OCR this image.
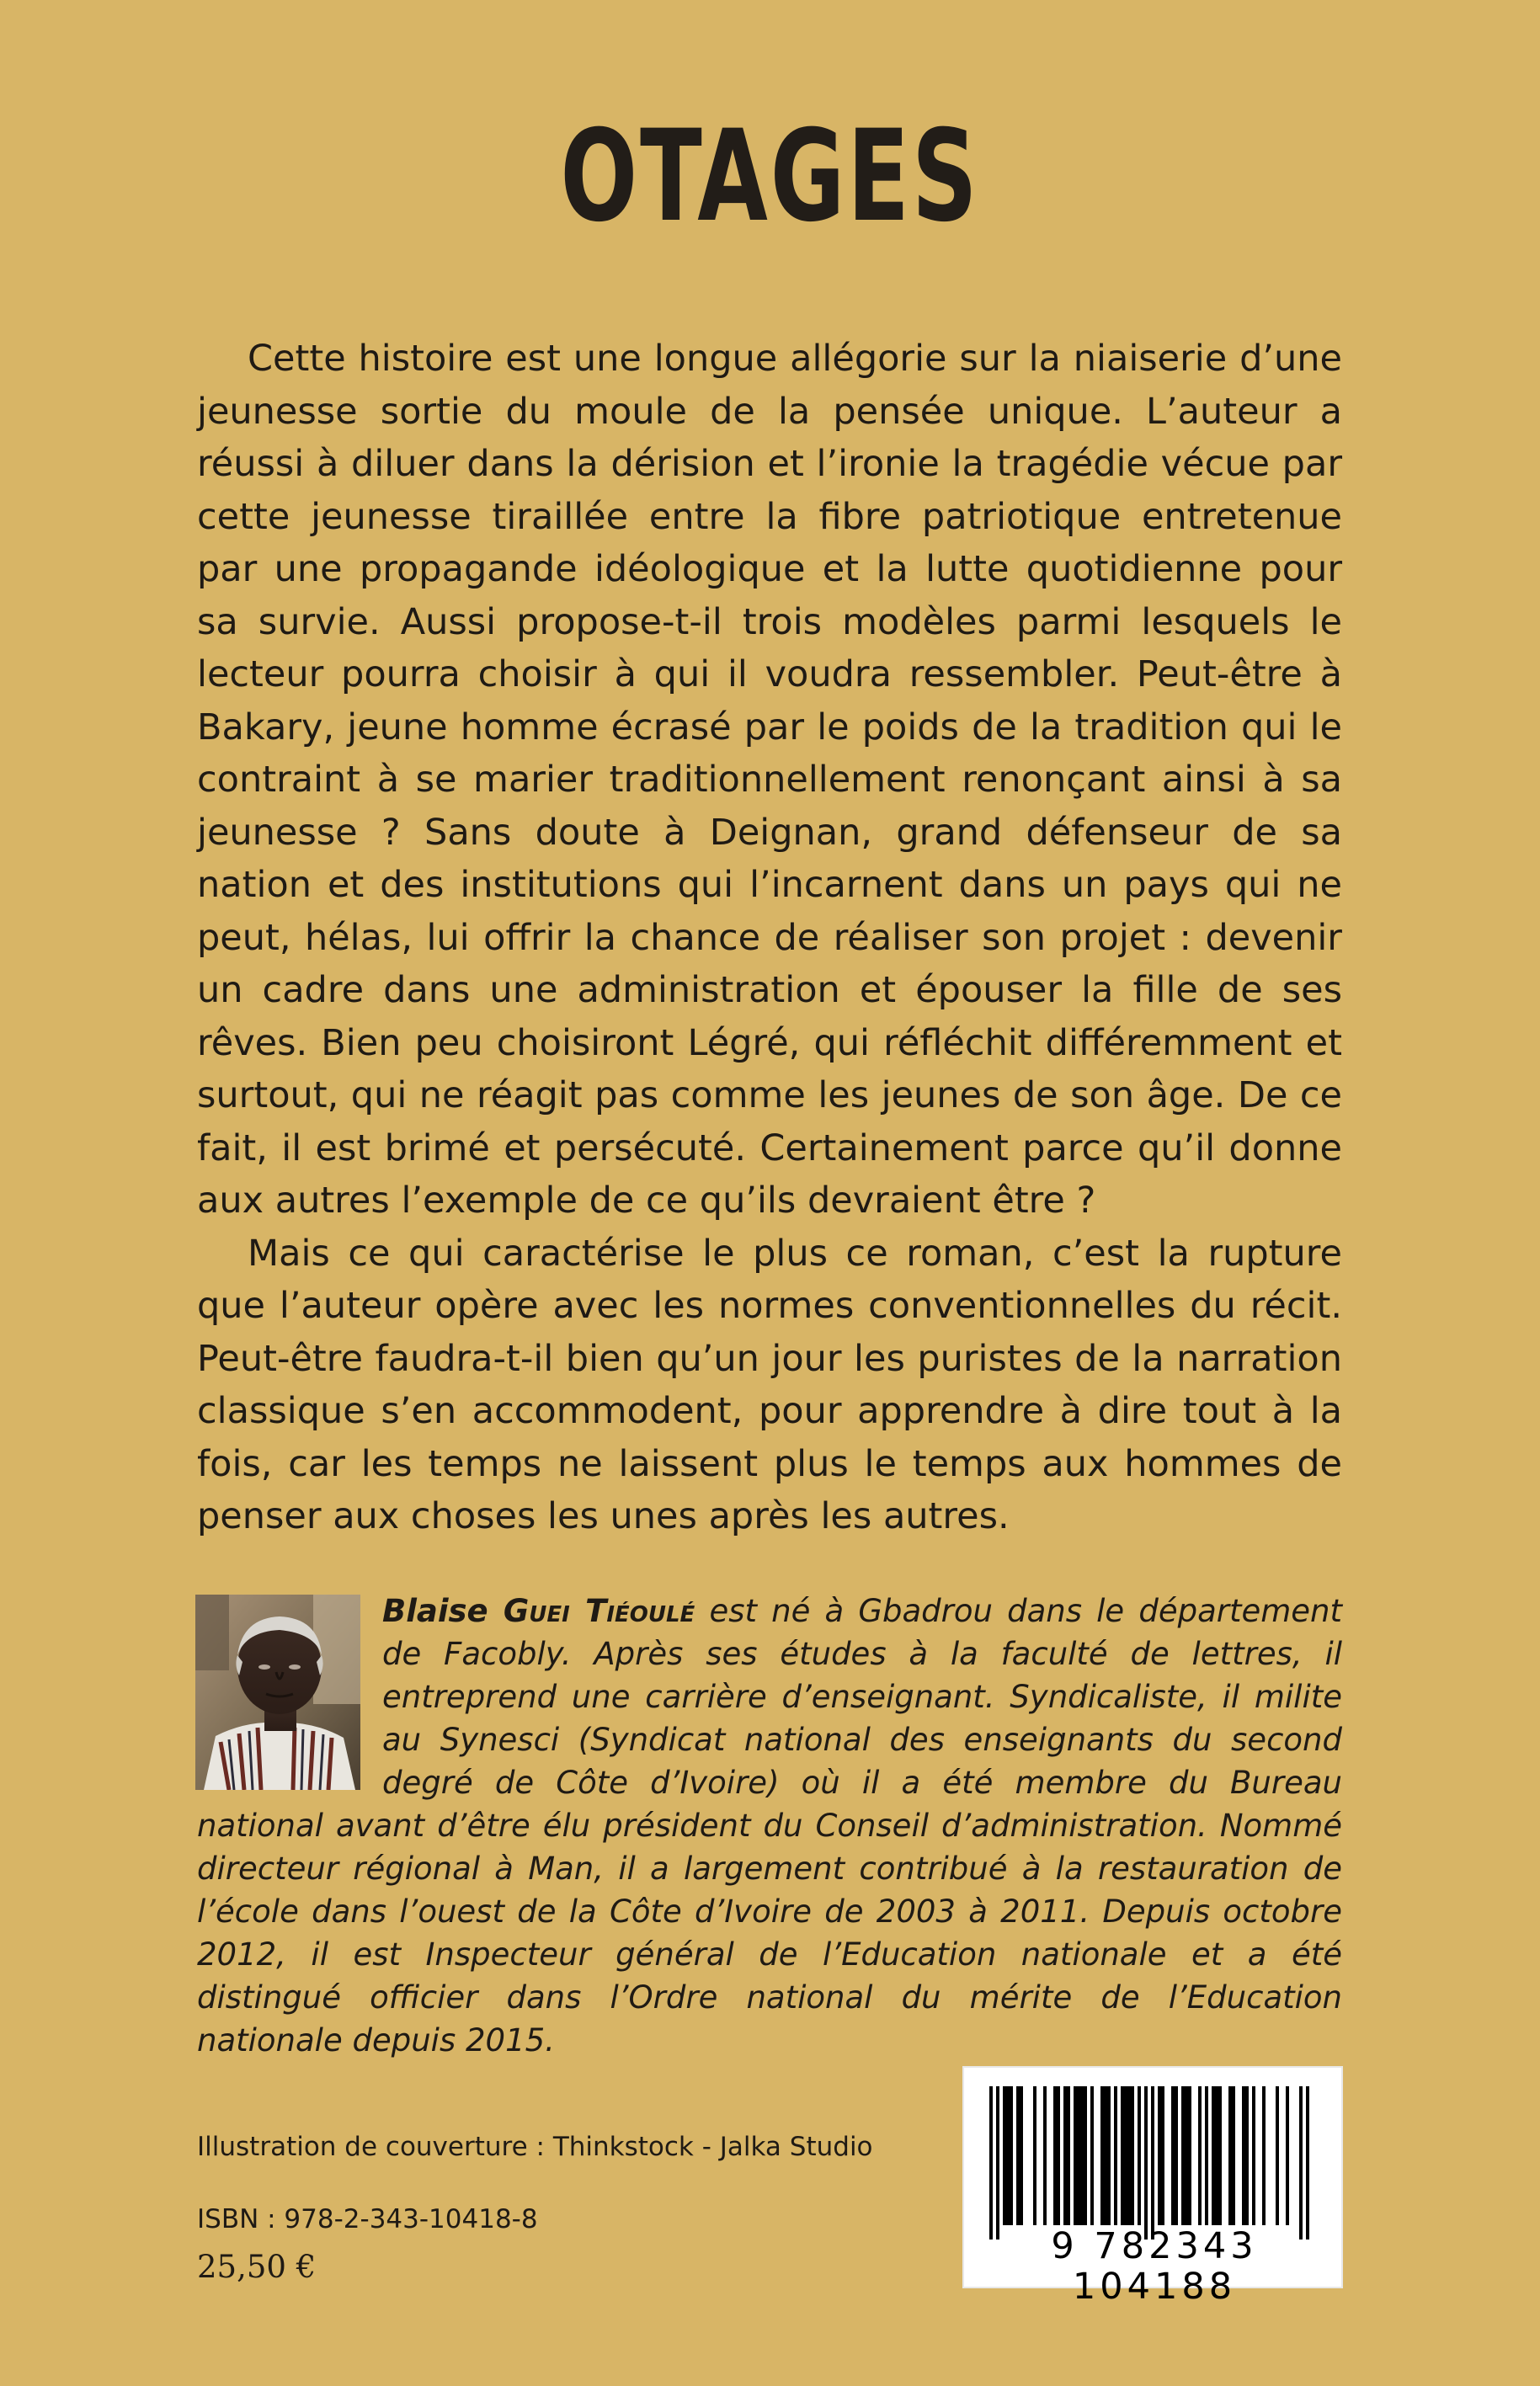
OTAGES

Cette histoire est une longue allégorie sur la niaiserie d’une jeunesse sortie du moule de la pensée unique. L’auteur a réussi à diluer dans la dérision et l’ironie la tragédie vécue par cette jeunesse tiraillée entre la fibre patriotique entretenue par une propagande idéologique et la lutte quotidienne pour sa survie. Aussi propose-t-il trois modèles parmi lesquels le lecteur pourra choisir à qui il voudra ressembler. Peut-être à Bakary, jeune homme écrasé par le poids de la tradition qui le contraint à se marier traditionnellement renonçant ainsi à sa jeunesse ? Sans doute à Deignan, grand défenseur de sa nation et des institutions qui l’incarnent dans un pays qui ne peut, hélas, lui offrir la chance de réaliser son projet : devenir un cadre dans une administration et épouser la fille de ses rêves. Bien peu choisiront Légré, qui réfléchit différemment et surtout, qui ne réagit pas comme les jeunes de son âge. De ce fait, il est brimé et persécuté. Certainement parce qu’il donne aux autres l’exemple de ce qu’ils devraient être ?

Mais ce qui caractérise le plus ce roman, c’est la rupture que l’auteur opère avec les normes conventionnelles du récit. Peut-être faudra-t-il bien qu’un jour les puristes de la narration classique s’en accommodent, pour apprendre à dire tout à la fois, car les temps ne laissent plus le temps aux hommes de penser aux choses les unes après les autres.

Blaise Guei Tiéoulé est né à Gbadrou dans le département de Facobly. Après ses études à la faculté de lettres, il entreprend une carrière d’enseignant. Syndicaliste, il milite au Synesci (Syndicat national des enseignants du second degré de Côte d’Ivoire) où il a été membre du Bureau national avant d’être élu président du Conseil d’administration. Nommé directeur régional à Man, il a largement contribué à la restauration de l’école dans l’ouest de la Côte d’Ivoire de 2003 à 2011. Depuis octobre 2012, il est Inspecteur général de l’Education nationale et a été distingué officier dans l’Ordre national du mérite de l’Education nationale depuis 2015.
Illustration de couverture : Thinkstock - Jalka Studio
ISBN : 978-2-343-10418-8
25,50 €	9 782343 104188
